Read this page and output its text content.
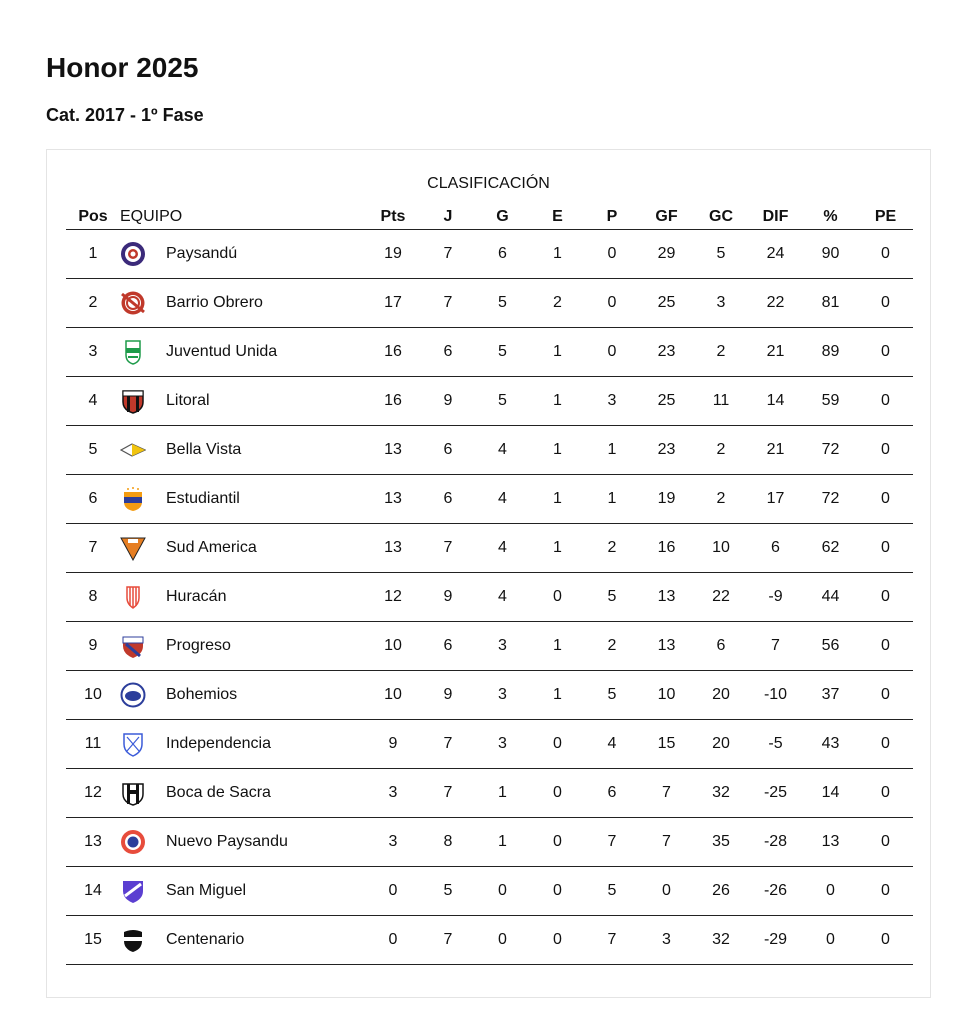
Honor 2025
Cat. 2017 - 1º Fase
CLASIFICACIÓN
Pos	EQUIPO	Pts	J	G	E	P	GF	GC	DIF	%	PE
1	Paysandú	19	7	6	1	0	29	5	24	90	0
2	Barrio Obrero	17	7	5	2	0	25	3	22	81	0
3	Juventud Unida	16	6	5	1	0	23	2	21	89	0
4	Litoral	16	9	5	1	3	25	11	14	59	0
5	Bella Vista	13	6	4	1	1	23	2	21	72	0
6	Estudiantil	13	6	4	1	1	19	2	17	72	0
7	Sud America	13	7	4	1	2	16	10	6	62	0
8	Huracán	12	9	4	0	5	13	22	-9	44	0
9	Progreso	10	6	3	1	2	13	6	7	56	0
10	Bohemios	10	9	3	1	5	10	20	-10	37	0
11	Independencia	9	7	3	0	4	15	20	-5	43	0
12	Boca de Sacra	3	7	1	0	6	7	32	-25	14	0
13	Nuevo Paysandu	3	8	1	0	7	7	35	-28	13	0
14	San Miguel	0	5	0	0	5	0	26	-26	0	0
15	Centenario	0	7	0	0	7	3	32	-29	0	0
